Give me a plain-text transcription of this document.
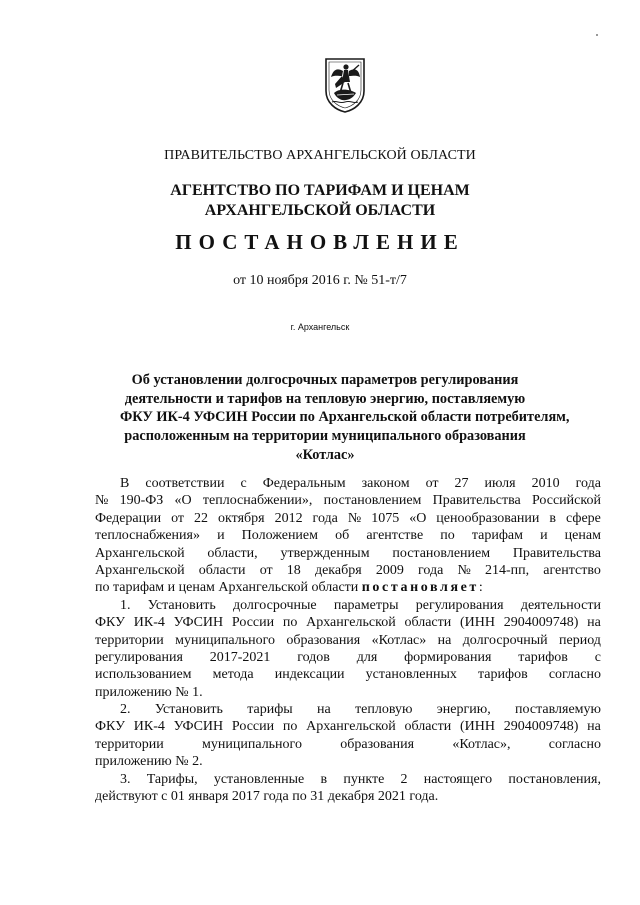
ПРАВИТЕЛЬСТВО АРХАНГЕЛЬСКОЙ ОБЛАСТИ
АГЕНТСТВО ПО ТАРИФАМ И ЦЕНАМ
АРХАНГЕЛЬСКОЙ ОБЛАСТИ
ПОСТАНОВЛЕНИЕ
от 10 ноября 2016 г. № 51-т/7
г. Архангельск
Об установлении долгосрочных параметров регулирования
деятельности и тарифов на тепловую энергию, поставляемую
ФКУ ИК-4 УФСИН России по Архангельской области потребителям,
расположенным на территории муниципального образования
«Котлас»
В соответствии с Федеральным законом от 27 июля 2010 года
№ 190-ФЗ «О теплоснабжении», постановлением Правительства Российской
Федерации от 22 октября 2012 года № 1075 «О ценообразовании в сфере
теплоснабжения» и Положением об агентстве по тарифам и ценам
Архангельской области, утвержденным постановлением Правительства
Архангельской области от 18 декабря 2009 года № 214-пп, агентство
по тарифам и ценам Архангельской области
постановляет :
1. Установить долгосрочные параметры регулирования деятельности
ФКУ ИК-4 УФСИН России по Архангельской области (ИНН 2904009748) на
территории муниципального образования «Котлас» на долгосрочный период
регулирования 2017-2021 годов для формирования тарифов с
использованием метода индексации установленных тарифов согласно
приложению № 1.
2. Установить тарифы на тепловую энергию, поставляемую
ФКУ ИК-4 УФСИН России по Архангельской области (ИНН 2904009748) на
территории	муниципального	образования	«Котлас»,	согласно
приложению № 2.
3. Тарифы, установленные в пункте 2 настоящего постановления,
действуют с 01 января 2017 года по 31 декабря 2021 года.
